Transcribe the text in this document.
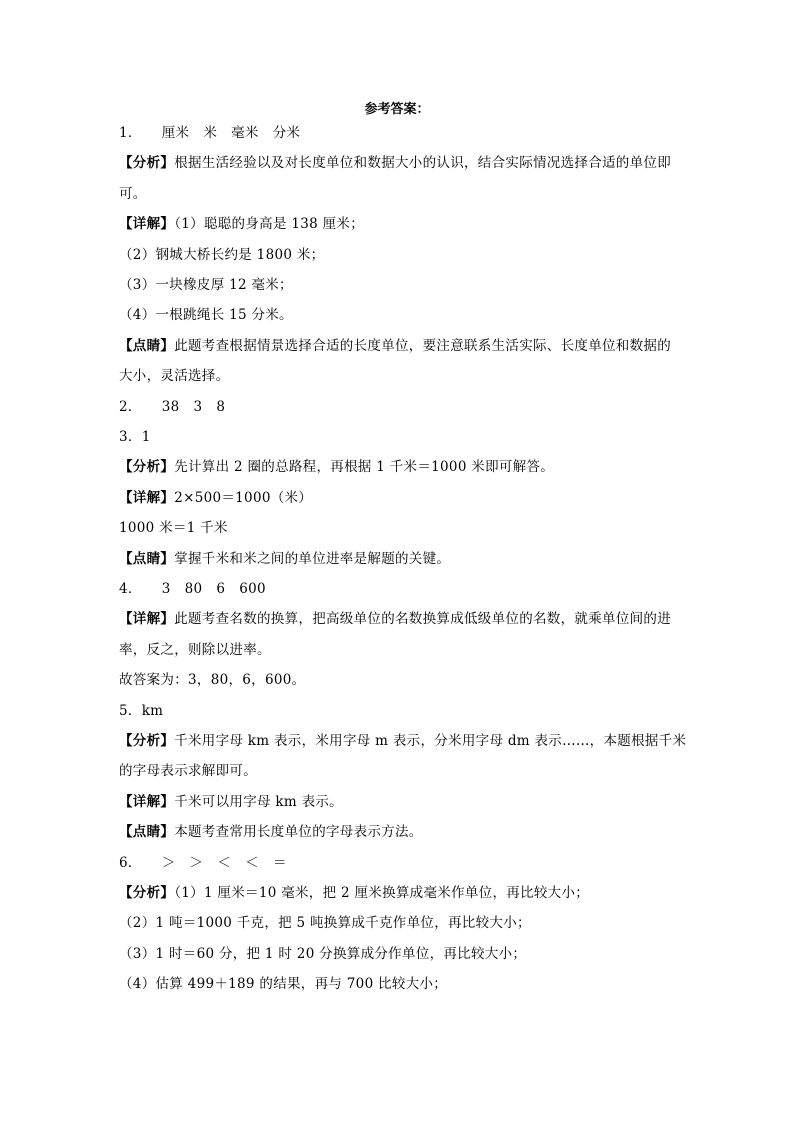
参考答案：
1． 厘米 米 毫米 分米
【分析】根据生活经验以及对长度单位和数据大小的认识，结合实际情况选择合适的单位即
可。
【详解】（1）聪聪的身高是 138 厘米；
（2）钢城大桥长约是 1800 米；
（3）一块橡皮厚 12 毫米；
（4）一根跳绳长 15 分米。
【点睛】此题考查根据情景选择合适的长度单位，要注意联系生活实际、长度单位和数据的
大小，灵活选择。
2． 38 3 8
3．1
【分析】先计算出 2 圈的总路程，再根据 1 千米＝1000 米即可解答。
【详解】2×500＝1000（米）
1000 米＝1 千米
【点睛】掌握千米和米之间的单位进率是解题的关键。
4． 3 80 6 600
【详解】此题考查名数的换算，把高级单位的名数换算成低级单位的名数，就乘单位间的进
率，反之，则除以进率。
故答案为：3，80，6，600。
5．km
【分析】千米用字母 km 表示，米用字母 m 表示，分米用字母 dm 表示……，本题根据千米
的字母表示求解即可。
【详解】千米可以用字母 km 表示。
【点睛】本题考查常用长度单位的字母表示方法。
6． ＞ ＞ ＜ ＜ ＝
【分析】（1）1 厘米＝10 毫米，把 2 厘米换算成毫米作单位，再比较大小；
（2）1 吨＝1000 千克，把 5 吨换算成千克作单位，再比较大小；
（3）1 时＝60 分，把 1 时 20 分换算成分作单位，再比较大小；
（4）估算 499＋189 的结果，再与 700 比较大小；
